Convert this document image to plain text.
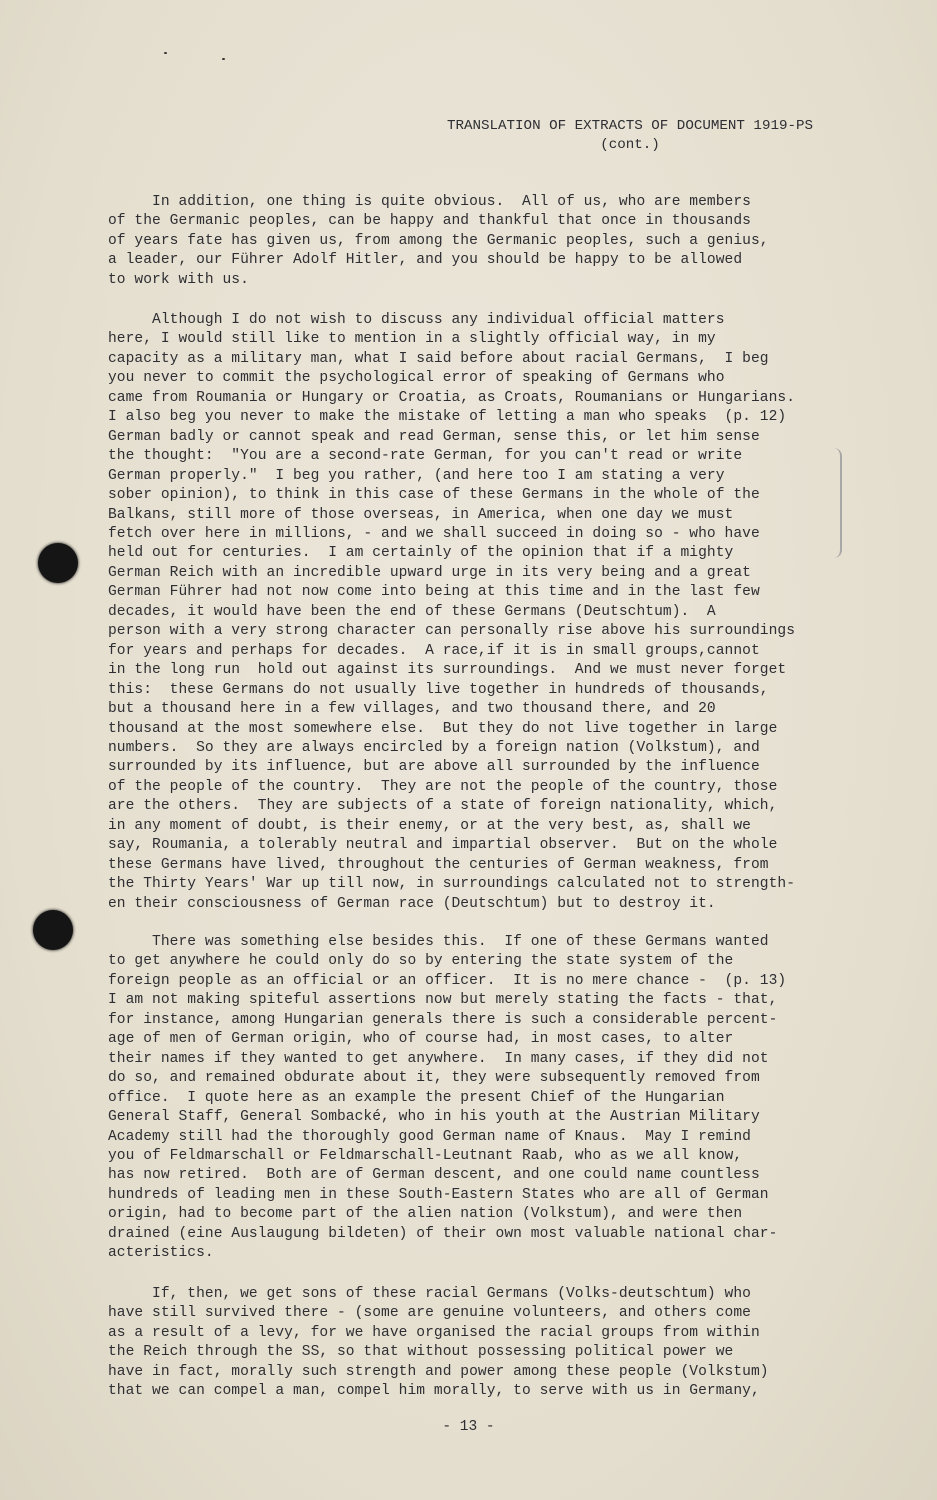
TRANSLATION OF EXTRACTS OF DOCUMENT 1919-PS
(cont.)
In addition, one thing is quite obvious.  All of us, who are members
of the Germanic peoples, can be happy and thankful that once in thousands
of years fate has given us, from among the Germanic peoples, such a genius,
a leader, our Führer Adolf Hitler, and you should be happy to be allowed
to work with us.
Although I do not wish to discuss any individual official matters
here, I would still like to mention in a slightly official way, in my
capacity as a military man, what I said before about racial Germans,  I beg
you never to commit the psychological error of speaking of Germans who
came from Roumania or Hungary or Croatia, as Croats, Roumanians or Hungarians.
I also beg you never to make the mistake of letting a man who speaks  (p. 12)
German badly or cannot speak and read German, sense this, or let him sense
the thought:  "You are a second-rate German, for you can't read or write
German properly."  I beg you rather, (and here too I am stating a very
sober opinion), to think in this case of these Germans in the whole of the
Balkans, still more of those overseas, in America, when one day we must
fetch over here in millions, - and we shall succeed in doing so - who have
held out for centuries.  I am certainly of the opinion that if a mighty
German Reich with an incredible upward urge in its very being and a great
German Führer had not now come into being at this time and in the last few
decades, it would have been the end of these Germans (Deutschtum).  A
person with a very strong character can personally rise above his surroundings
for years and perhaps for decades.  A race,if it is in small groups,cannot
in the long run  hold out against its surroundings.  And we must never forget
this:  these Germans do not usually live together in hundreds of thousands,
but a thousand here in a few villages, and two thousand there, and 20
thousand at the most somewhere else.  But they do not live together in large
numbers.  So they are always encircled by a foreign nation (Volkstum), and
surrounded by its influence, but are above all surrounded by the influence
of the people of the country.  They are not the people of the country, those
are the others.  They are subjects of a state of foreign nationality, which,
in any moment of doubt, is their enemy, or at the very best, as, shall we
say, Roumania, a tolerably neutral and impartial observer.  But on the whole
these Germans have lived, throughout the centuries of German weakness, from
the Thirty Years' War up till now, in surroundings calculated not to strength-
en their consciousness of German race (Deutschtum) but to destroy it.
There was something else besides this.  If one of these Germans wanted
to get anywhere he could only do so by entering the state system of the
foreign people as an official or an officer.  It is no mere chance -  (p. 13)
I am not making spiteful assertions now but merely stating the facts - that,
for instance, among Hungarian generals there is such a considerable percent-
age of men of German origin, who of course had, in most cases, to alter
their names if they wanted to get anywhere.  In many cases, if they did not
do so, and remained obdurate about it, they were subsequently removed from
office.  I quote here as an example the present Chief of the Hungarian
General Staff, General Sombacké, who in his youth at the Austrian Military
Academy still had the thoroughly good German name of Knaus.  May I remind
you of Feldmarschall or Feldmarschall-Leutnant Raab, who as we all know,
has now retired.  Both are of German descent, and one could name countless
hundreds of leading men in these South-Eastern States who are all of German
origin, had to become part of the alien nation (Volkstum), and were then
drained (eine Auslaugung bildeten) of their own most valuable national char-
acteristics.
If, then, we get sons of these racial Germans (Volks-deutschtum) who
have still survived there - (some are genuine volunteers, and others come
as a result of a levy, for we have organised the racial groups from within
the Reich through the SS, so that without possessing political power we
have in fact, morally such strength and power among these people (Volkstum)
that we can compel a man, compel him morally, to serve with us in Germany,
- 13 -
